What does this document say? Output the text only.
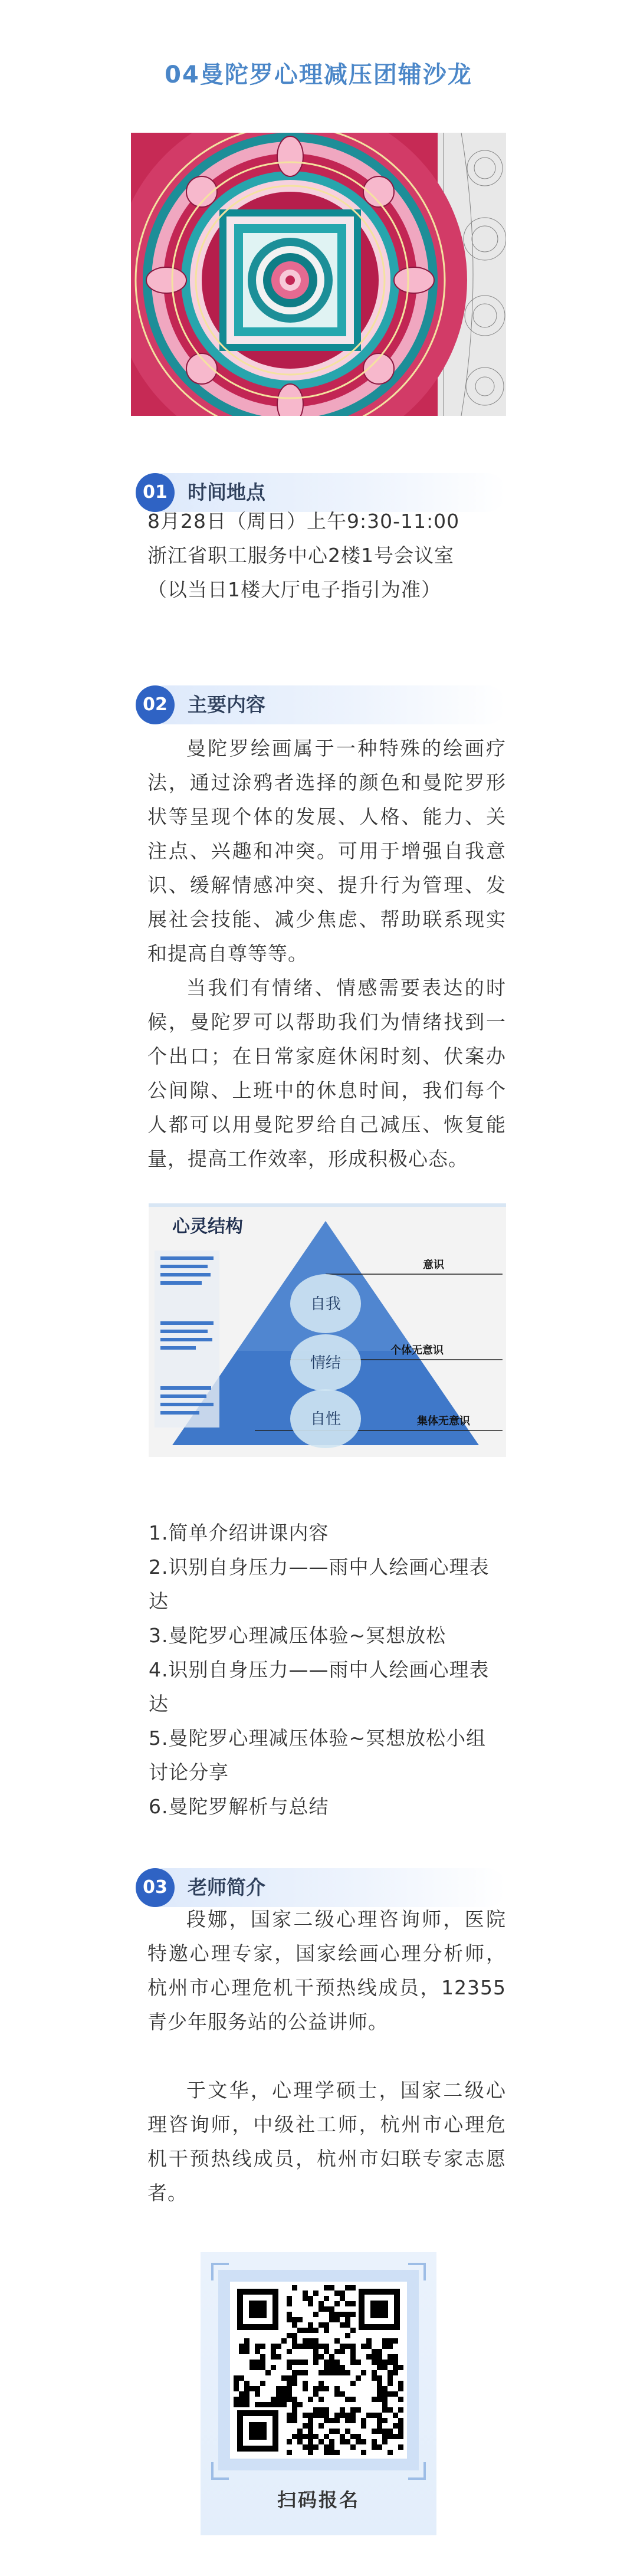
04曼陀罗心理减压团辅沙龙
01	时间地点

8月28日（周日）上午9:30-11:00

浙江省职工服务中心2楼1号会议室

（以当日1楼大厅电子指引为准）

02	主要内容

曼陀罗绘画属于一种特殊的绘画疗法，通过涂鸦者选择的颜色和曼陀罗形状等呈现个体的发展、人格、能力、关注点、兴趣和冲突。可用于增强自我意识、缓解情感冲突、提升行为管理、发展社会技能、减少焦虑、帮助联系现实和提高自尊等等。

当我们有情绪、情感需要表达的时候，曼陀罗可以帮助我们为情绪找到一个出口；在日常家庭休闲时刻、伏案办公间隙、上班中的休息时间，我们每个人都可以用曼陀罗给自己减压、恢复能量，提高工作效率，形成积极心态。

心灵结构
自我
情结
自性
意识
个体无意识
集体无意识
1.简单介绍讲课内容
2.识别自身压力——雨中人绘画心理表达
3.曼陀罗心理减压体验~冥想放松
4.识别自身压力——雨中人绘画心理表达
5.曼陀罗心理减压体验~冥想放松小组讨论分享
6.曼陀罗解析与总结
03	老师简介

段娜，国家二级心理咨询师，医院特邀心理专家，国家绘画心理分析师，杭州市心理危机干预热线成员，12355青少年服务站的公益讲师。

于文华，心理学硕士，国家二级心理咨询师，中级社工师，杭州市心理危机干预热线成员，杭州市妇联专家志愿者。

扫码报名
